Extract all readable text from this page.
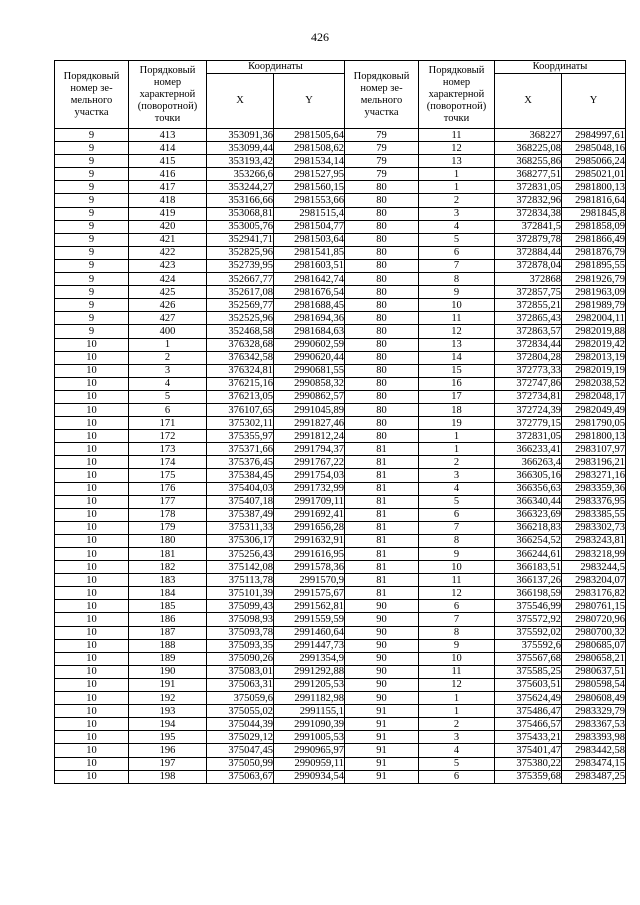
426
Порядковый номер зе-мельного участка	Порядковый номер характерной (поворотной) точки	Координаты		Порядковый номер зе-мельного участка	Порядковый номер характерной (поворотной) точки	Координаты	
		X	Y			X	Y
9	413	353091,36	2981505,64	79	11	368227	2984997,61
9	414	353099,44	2981508,62	79	12	368225,08	2985048,16
9	415	353193,42	2981534,14	79	13	368255,86	2985066,24
9	416	353266,6	2981527,95	79	1	368277,51	2985021,01
9	417	353244,27	2981560,15	80	1	372831,05	2981800,13
9	418	353166,66	2981553,66	80	2	372832,96	2981816,64
9	419	353068,81	2981515,4	80	3	372834,38	2981845,8
9	420	353005,76	2981504,77	80	4	372841,5	2981858,09
9	421	352941,71	2981503,64	80	5	372879,78	2981866,49
9	422	352825,96	2981541,85	80	6	372884,44	2981876,79
9	423	352739,95	2981603,51	80	7	372878,04	2981895,55
9	424	352667,77	2981642,74	80	8	372868	2981926,79
9	425	352617,08	2981676,54	80	9	372857,75	2981963,09
9	426	352569,77	2981688,45	80	10	372855,21	2981989,79
9	427	352525,96	2981694,36	80	11	372865,43	2982004,11
9	400	352468,58	2981684,63	80	12	372863,57	2982019,88
10	1	376328,68	2990602,59	80	13	372834,44	2982019,42
10	2	376342,58	2990620,44	80	14	372804,28	2982013,19
10	3	376324,81	2990681,55	80	15	372773,33	2982019,19
10	4	376215,16	2990858,32	80	16	372747,86	2982038,52
10	5	376213,05	2990862,57	80	17	372734,81	2982048,17
10	6	376107,65	2991045,89	80	18	372724,39	2982049,49
10	171	375302,11	2991827,46	80	19	372779,15	2981790,05
10	172	375355,97	2991812,24	80	1	372831,05	2981800,13
10	173	375371,66	2991794,37	81	1	366233,41	2983107,97
10	174	375376,45	2991767,22	81	2	366263,4	2983196,21
10	175	375384,45	2991754,03	81	3	366305,16	2983271,16
10	176	375404,03	2991732,99	81	4	366356,63	2983359,36
10	177	375407,18	2991709,11	81	5	366340,44	2983376,95
10	178	375387,49	2991692,41	81	6	366323,69	2983385,55
10	179	375311,33	2991656,28	81	7	366218,83	2983302,73
10	180	375306,17	2991632,91	81	8	366254,52	2983243,81
10	181	375256,43	2991616,95	81	9	366244,61	2983218,99
10	182	375142,08	2991578,36	81	10	366183,51	2983244,5
10	183	375113,78	2991570,9	81	11	366137,26	2983204,07
10	184	375101,39	2991575,67	81	12	366198,59	2983176,82
10	185	375099,43	2991562,81	90	6	375546,99	2980761,15
10	186	375098,93	2991559,59	90	7	375572,92	2980720,96
10	187	375093,78	2991460,64	90	8	375592,02	2980700,32
10	188	375093,35	2991447,73	90	9	375592,6	2980685,07
10	189	375090,26	2991354,9	90	10	375567,68	2980658,21
10	190	375083,01	2991292,88	90	11	375585,25	2980637,51
10	191	375063,31	2991205,53	90	12	375603,51	2980598,54
10	192	375059,6	2991182,98	90	1	375624,49	2980608,49
10	193	375055,02	2991155,1	91	1	375486,47	2983329,79
10	194	375044,39	2991090,39	91	2	375466,57	2983367,53
10	195	375029,12	2991005,53	91	3	375433,21	2983393,98
10	196	375047,45	2990965,97	91	4	375401,47	2983442,58
10	197	375050,99	2990959,11	91	5	375380,22	2983474,15
10	198	375063,67	2990934,54	91	6	375359,68	2983487,25
